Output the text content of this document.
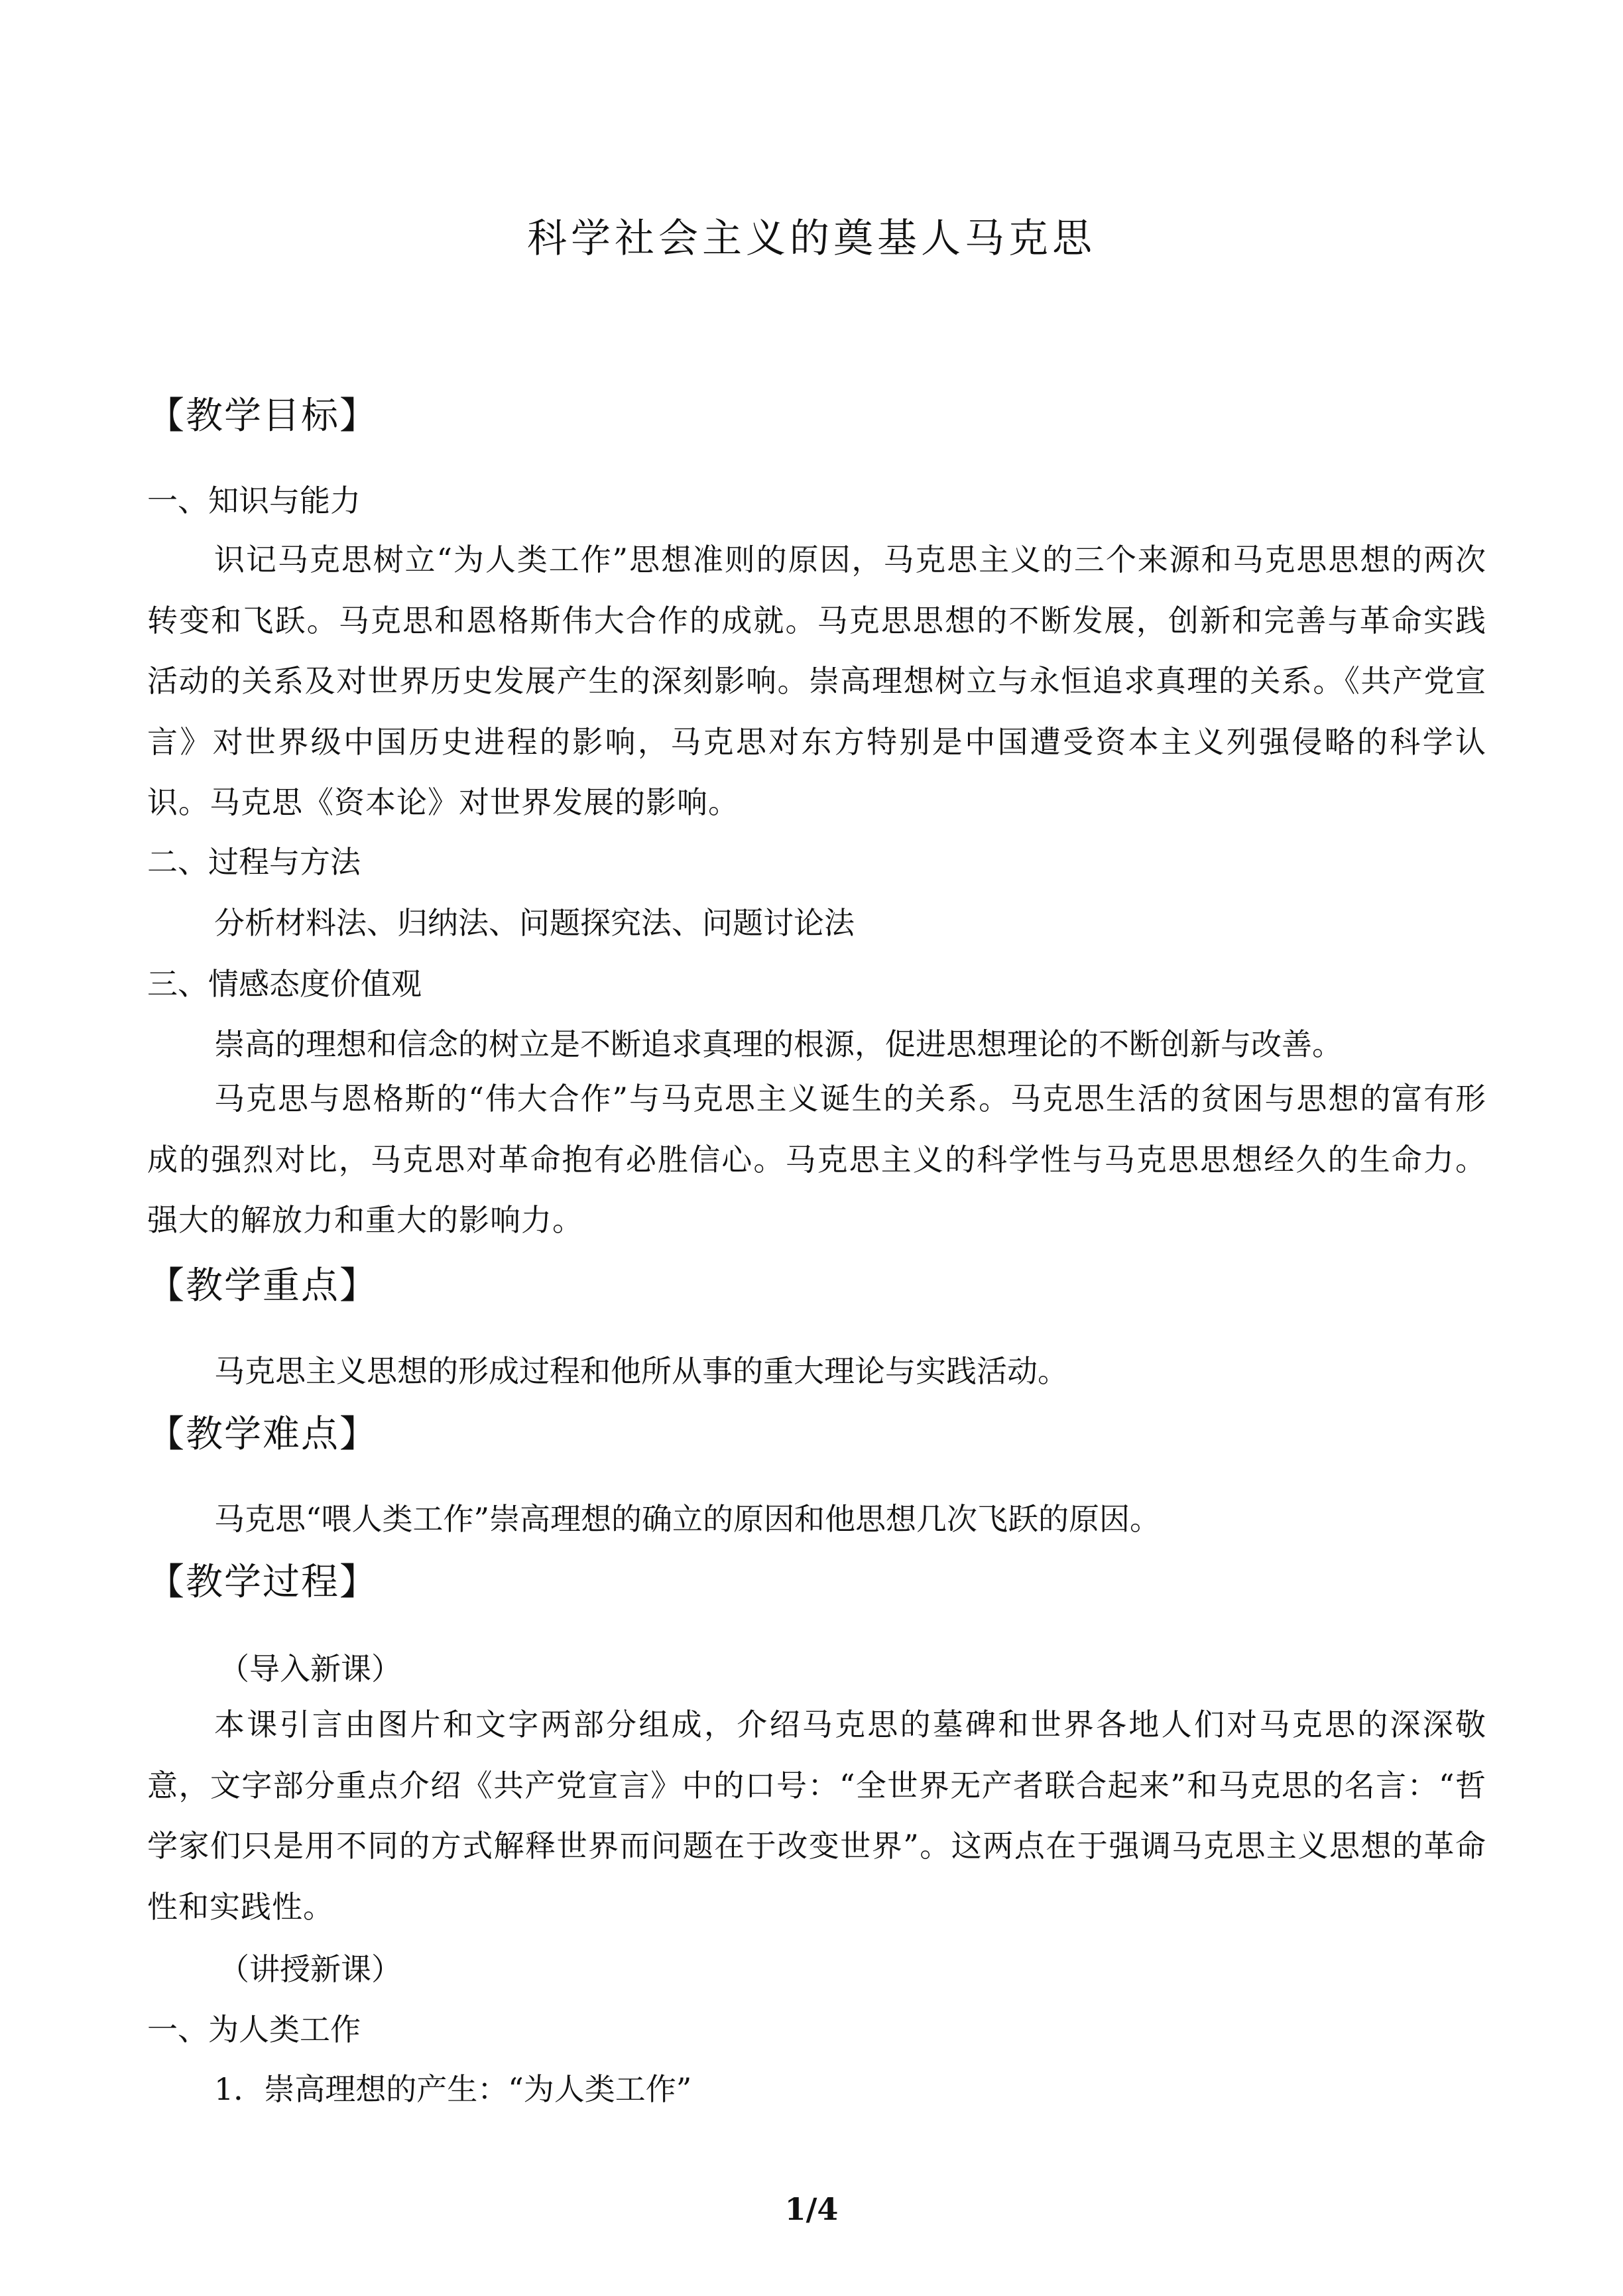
科学社会主义的奠基人马克思
【教学目标】
一、知识与能力
识记马克思树立“为人类工作”思想准则的原因，马克思主义的三个来源和马克思思想的两次转变和飞跃。马克思和恩格斯伟大合作的成就。马克思思想的不断发展，创新和完善与革命实践活动的关系及对世界历史发展产生的深刻影响。崇高理想树立与永恒追求真理的关系。《共产党宣言》对世界级中国历史进程的影响，马克思对东方特别是中国遭受资本主义列强侵略的科学认识。马克思《资本论》对世界发展的影响。
二、过程与方法
分析材料法、归纳法、问题探究法、问题讨论法
三、情感态度价值观
崇高的理想和信念的树立是不断追求真理的根源，促进思想理论的不断创新与改善。
马克思与恩格斯的“伟大合作”与马克思主义诞生的关系。马克思生活的贫困与思想的富有形成的强烈对比，马克思对革命抱有必胜信心。马克思主义的科学性与马克思思想经久的生命力。强大的解放力和重大的影响力。
【教学重点】
马克思主义思想的形成过程和他所从事的重大理论与实践活动。
【教学难点】
马克思“喂人类工作”崇高理想的确立的原因和他思想几次飞跃的原因。
【教学过程】
（导入新课）
本课引言由图片和文字两部分组成，介绍马克思的墓碑和世界各地人们对马克思的深深敬意，文字部分重点介绍《共产党宣言》中的口号：“全世界无产者联合起来”和马克思的名言：“哲学家们只是用不同的方式解释世界而问题在于改变世界”。这两点在于强调马克思主义思想的革命性和实践性。
（讲授新课）
一、为人类工作
1．崇高理想的产生：“为人类工作”
1/4
